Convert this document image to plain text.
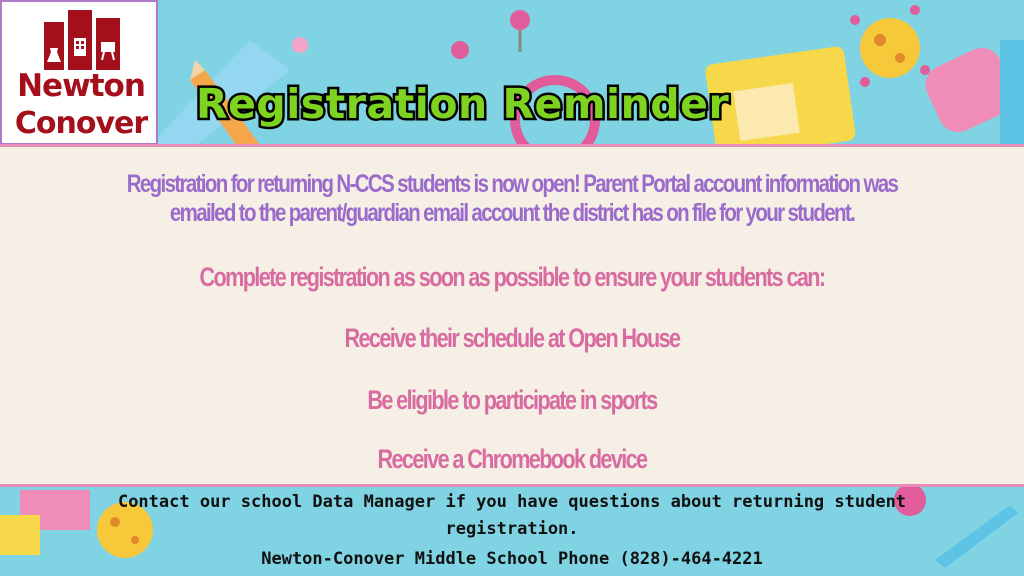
Newton
Conover	Registration Reminder
Registration for returning N-CCS students is now open! Parent Portal account information was emailed to the parent/guardian email account the district has on file for your student.
Complete registration as soon as possible to ensure your students can:
Receive their schedule at Open House
Be eligible to participate in sports
Receive a Chromebook device
Contact our school Data Manager if you have questions about returning student
registration.
Newton-Conover Middle School Phone (828)-464-4221
